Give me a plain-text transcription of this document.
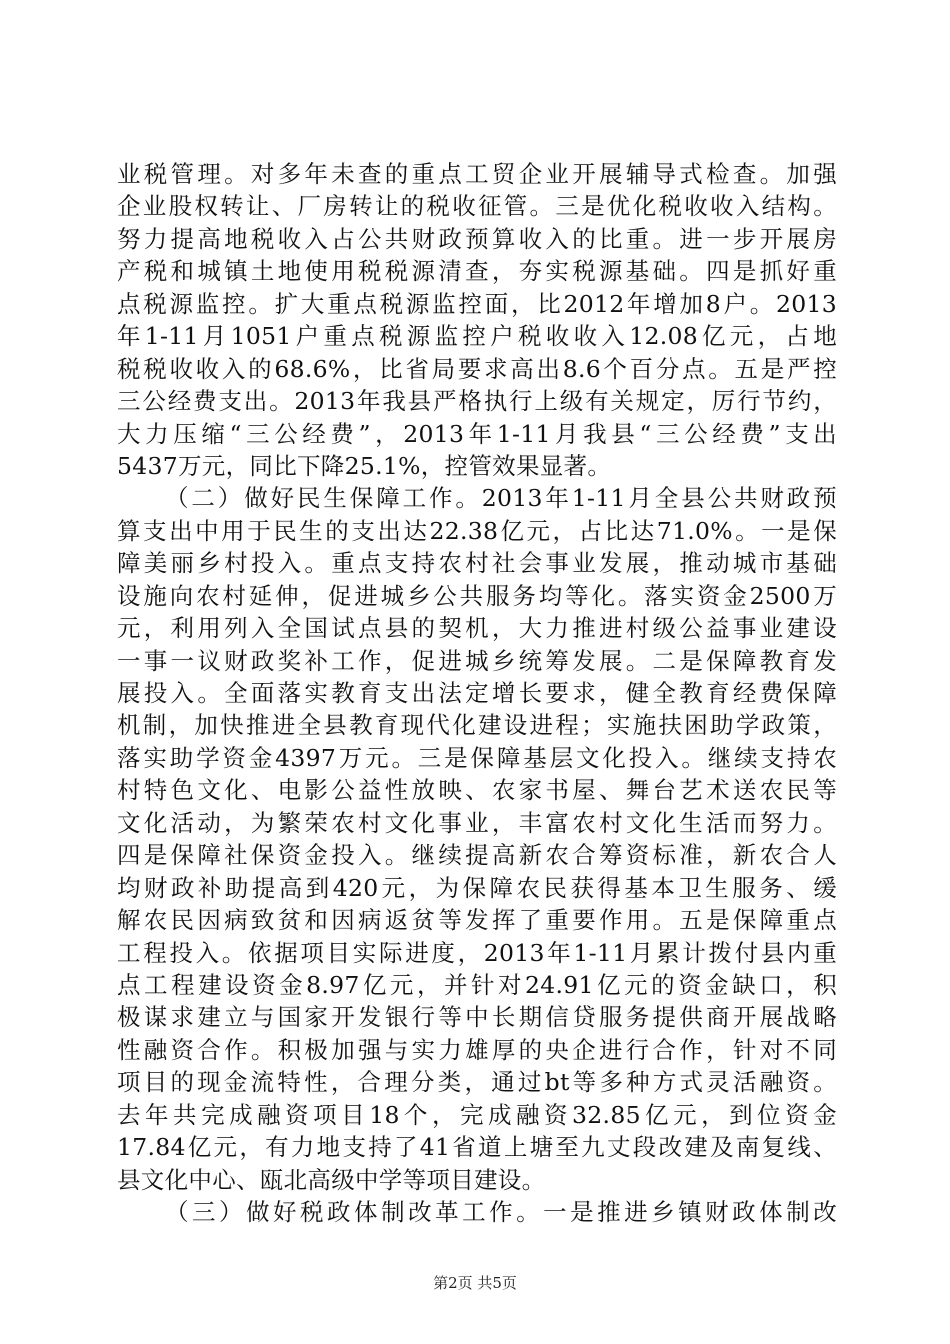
业税管理。对多年未查的重点工贸企业开展辅导式检查。加强
企业股权转让、厂房转让的税收征管。三是优化税收收入结构。
努力提高地税收入占公共财政预算收入的比重。进一步开展房
产税和城镇土地使用税税源清查，夯实税源基础。四是抓好重
点税源监控。扩大重点税源监控面，比2012年增加8户。2013
年1-11月1051户重点税源监控户税收收入12.08亿元，占地
税税收收入的68.6%，比省局要求高出8.6个百分点。五是严控
三公经费支出。2013年我县严格执行上级有关规定，厉行节约，
大力压缩“三公经费”，2013年1-11月我县“三公经费”支出
5437万元，同比下降25.1%，控管效果显著。
（二）做好民生保障工作。2013年1-11月全县公共财政预
算支出中用于民生的支出达22.38亿元，占比达71.0%。一是保
障美丽乡村投入。重点支持农村社会事业发展，推动城市基础
设施向农村延伸，促进城乡公共服务均等化。落实资金2500万
元，利用列入全国试点县的契机，大力推进村级公益事业建设
一事一议财政奖补工作，促进城乡统筹发展。二是保障教育发
展投入。全面落实教育支出法定增长要求，健全教育经费保障
机制，加快推进全县教育现代化建设进程；实施扶困助学政策，
落实助学资金4397万元。三是保障基层文化投入。继续支持农
村特色文化、电影公益性放映、农家书屋、舞台艺术送农民等
文化活动，为繁荣农村文化事业，丰富农村文化生活而努力。
四是保障社保资金投入。继续提高新农合筹资标准，新农合人
均财政补助提高到420元，为保障农民获得基本卫生服务、缓
解农民因病致贫和因病返贫等发挥了重要作用。五是保障重点
工程投入。依据项目实际进度，2013年1-11月累计拨付县内重
点工程建设资金8.97亿元，并针对24.91亿元的资金缺口，积
极谋求建立与国家开发银行等中长期信贷服务提供商开展战略
性融资合作。积极加强与实力雄厚的央企进行合作，针对不同
项目的现金流特性，合理分类，通过bt等多种方式灵活融资。
去年共完成融资项目18个，完成融资32.85亿元，到位资金
17.84亿元，有力地支持了41省道上塘至九丈段改建及南复线、
县文化中心、瓯北高级中学等项目建设。
（三）做好税政体制改革工作。一是推进乡镇财政体制改
第2页 共5页
